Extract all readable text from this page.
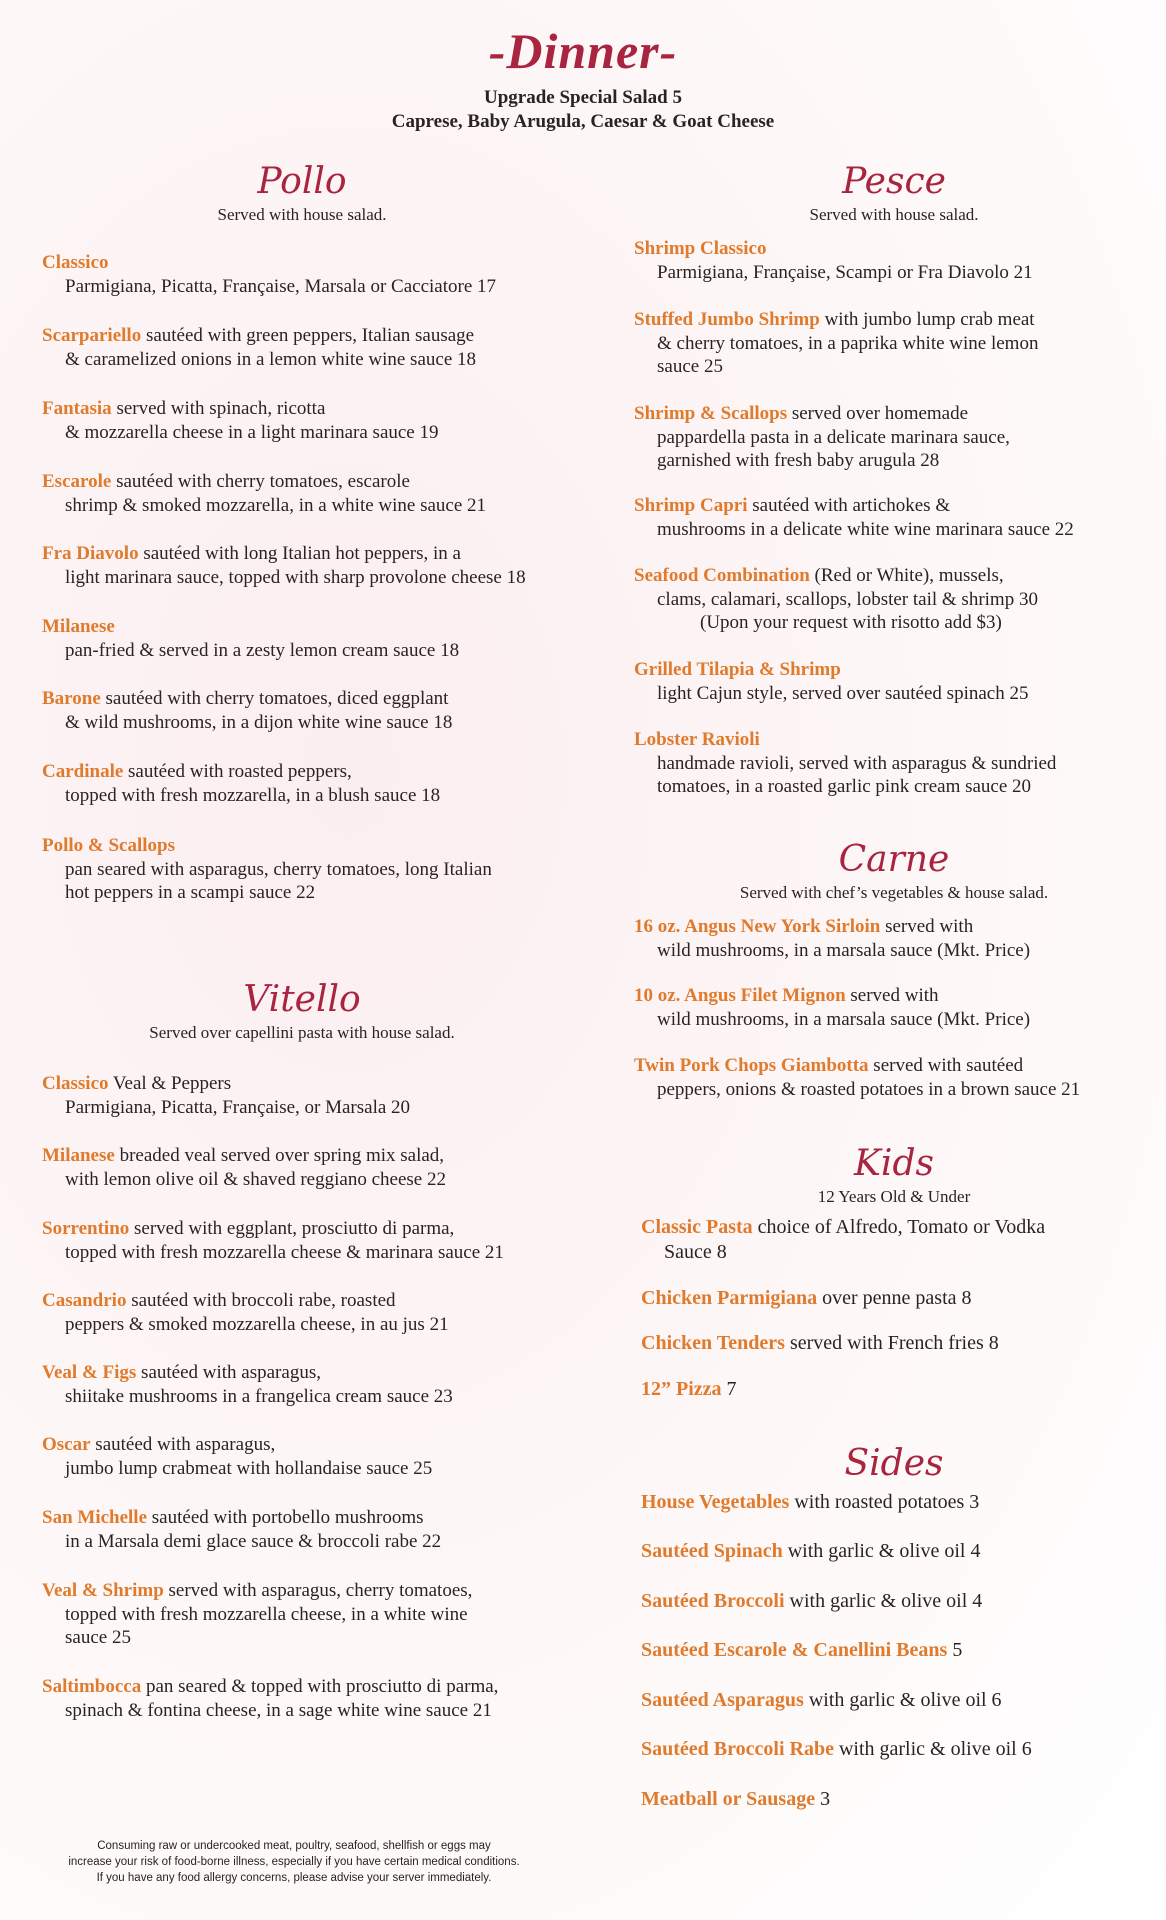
-Dinner-
Upgrade Special Salad 5
Caprese, Baby Arugula, Caesar & Goat Cheese
Pollo
Served with house salad.
Classico
Parmigiana, Picatta, Française, Marsala or Cacciatore 17
Scarpariello sautéed with green peppers, Italian sausage
& caramelized onions in a lemon white wine sauce 18
Fantasia served with spinach, ricotta
& mozzarella cheese in a light marinara sauce 19
Escarole sautéed with cherry tomatoes, escarole
shrimp & smoked mozzarella, in a white wine sauce 21
Fra Diavolo sautéed with long Italian hot peppers, in a
light marinara sauce, topped with sharp provolone cheese 18
Milanese
pan-fried & served in a zesty lemon cream sauce 18
Barone sautéed with cherry tomatoes, diced eggplant
& wild mushrooms, in a dijon white wine sauce 18
Cardinale sautéed with roasted peppers,
topped with fresh mozzarella, in a blush sauce 18
Pollo & Scallops
pan seared with asparagus, cherry tomatoes, long Italian
hot peppers in a scampi sauce 22
Vitello
Served over capellini pasta with house salad.
Classico Veal & Peppers
Parmigiana, Picatta, Française, or Marsala 20
Milanese breaded veal served over spring mix salad,
with lemon olive oil & shaved reggiano cheese 22
Sorrentino served with eggplant, prosciutto di parma,
topped with fresh mozzarella cheese & marinara sauce 21
Casandrio sautéed with broccoli rabe, roasted
peppers & smoked mozzarella cheese, in au jus 21
Veal & Figs sautéed with asparagus,
shiitake mushrooms in a frangelica cream sauce 23
Oscar sautéed with asparagus,
jumbo lump crabmeat with hollandaise sauce 25
San Michelle sautéed with portobello mushrooms
in a Marsala demi glace sauce & broccoli rabe 22
Veal & Shrimp served with asparagus, cherry tomatoes,
topped with fresh mozzarella cheese, in a white wine
sauce 25
Saltimbocca pan seared & topped with prosciutto di parma,
spinach & fontina cheese, in a sage white wine sauce 21
Pesce
Served with house salad.
Shrimp Classico
Parmigiana, Française, Scampi or Fra Diavolo 21
Stuffed Jumbo Shrimp with jumbo lump crab meat
& cherry tomatoes, in a paprika white wine lemon
sauce 25
Shrimp & Scallops served over homemade
pappardella pasta in a delicate marinara sauce,
garnished with fresh baby arugula 28
Shrimp Capri sautéed with artichokes &
mushrooms in a delicate white wine marinara sauce 22
Seafood Combination (Red or White), mussels,
clams, calamari, scallops, lobster tail & shrimp 30
(Upon your request with risotto add $3)
Grilled Tilapia & Shrimp
light Cajun style, served over sautéed spinach 25
Lobster Ravioli
handmade ravioli, served with asparagus & sundried
tomatoes, in a roasted garlic pink cream sauce 20
Carne
Served with chef’s vegetables & house salad.
16 oz. Angus New York Sirloin served with
wild mushrooms, in a marsala sauce (Mkt. Price)
10 oz. Angus Filet Mignon served with
wild mushrooms, in a marsala sauce (Mkt. Price)
Twin Pork Chops Giambotta served with sautéed
peppers, onions & roasted potatoes in a brown sauce 21
Kids
12 Years Old & Under
Classic Pasta choice of Alfredo, Tomato or Vodka
Sauce 8
Chicken Parmigiana over penne pasta 8
Chicken Tenders served with French fries 8
12” Pizza 7
Sides
House Vegetables with roasted potatoes 3
Sautéed Spinach with garlic & olive oil 4
Sautéed Broccoli with garlic & olive oil 4
Sautéed Escarole & Canellini Beans 5
Sautéed Asparagus with garlic & olive oil 6
Sautéed Broccoli Rabe with garlic & olive oil 6
Meatball or Sausage 3
Consuming raw or undercooked meat, poultry, seafood, shellfish or eggs may
increase your risk of food-borne illness, especially if you have certain medical conditions.
If you have any food allergy concerns, please advise your server immediately.
